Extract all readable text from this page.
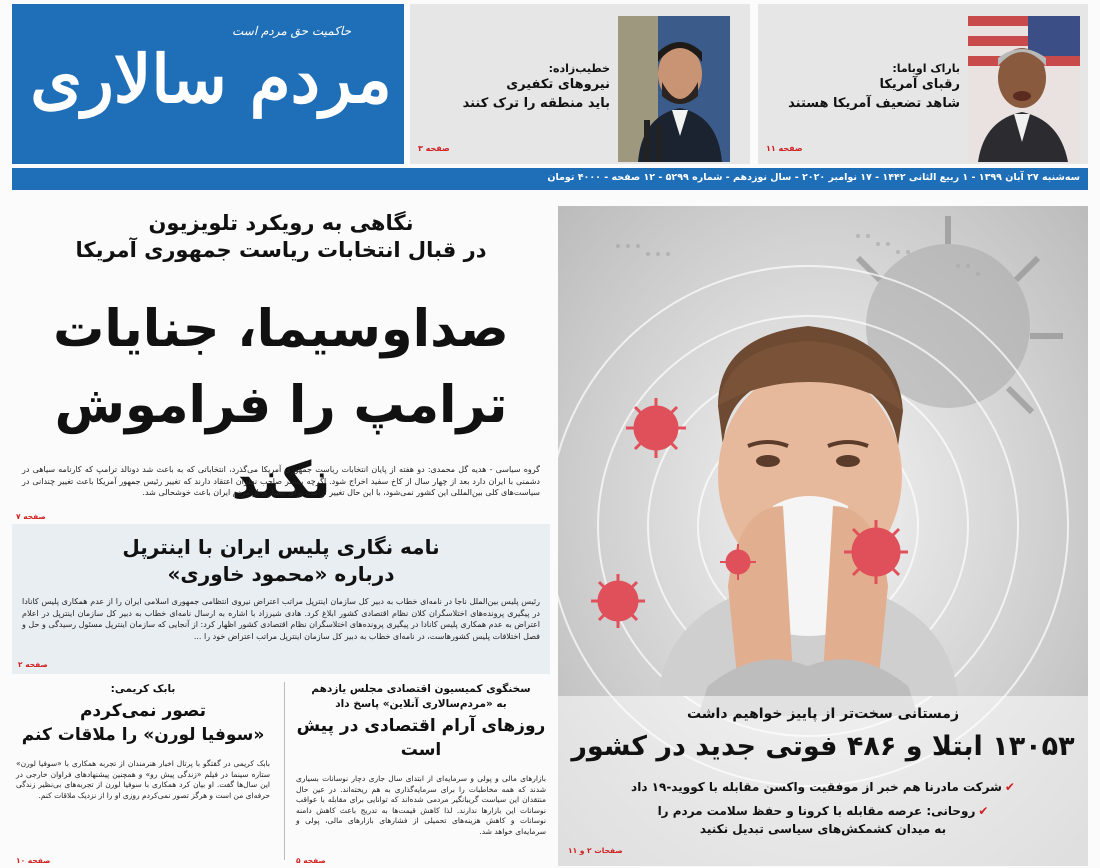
حاکمیت حق مردم است
مردم سالاری	خطیب‌زاده:
نیروهای تکفیری
باید منطقه را ترک کنند
صفحه ۳
باراک اوباما:
رقبای آمریکا
شاهد تضعیف آمریکا هستند
صفحه ۱۱
سه‌شنبه ۲۷ آبان ۱۳۹۹ - ۱ ربیع الثانی ۱۴۴۲ - ۱۷ نوامبر ۲۰۲۰ - سال نوزدهم - شماره ۵۲۹۹ - ۱۲ صفحه - ۴۰۰۰ تومان
نگاهی به رویکرد تلویزیون
در قبال انتخابات ریاست جمهوری آمریکا
صداوسیما، جنایات
ترامپ را فراموش نکند
گروه سیاسی - هدیه گل محمدی: دو هفته از پایان انتخابات ریاست جمهوری آمریکا می‌گذرد، انتخاباتی که به باعث شد دونالد ترامپ که کارنامه سیاهی در دشمنی با ایران دارد بعد از چهار سال از کاخ سفید اخراج شود. اگرچه بیشتر صاحب نظران اعتقاد دارند که تغییر رئیس جمهور آمریکا باعث تغییر چندانی در سیاست‌های کلی بین‌المللی این کشور نمی‌شود، با این حال تغییر ترامپ برای بسیاری از مردم ایران باعث خوشحالی شد.
صفحه ۷
نامه نگاری پلیس ایران با اینترپل
درباره «محمود خاوری»
رئیس پلیس بین‌الملل ناجا در نامه‌ای خطاب به دبیر کل سازمان اینترپل مراتب اعتراض نیروی انتظامی جمهوری اسلامی ایران را از عدم همکاری پلیس کانادا در پیگیری پرونده‌های اختلاسگران کلان نظام اقتصادی کشور ابلاغ کرد. هادی شیرزاد با اشاره به ارسال نامه‌ای خطاب به دبیر کل سازمان اینترپل در اعلام اعتراض به عدم همکاری پلیس کانادا در پیگیری پرونده‌های اختلاسگران نظام اقتصادی کشور اظهار کرد: از آنجایی که سازمان اینترپل مسئول رسیدگی و حل و فصل اختلافات پلیس کشورهاست، در نامه‌ای خطاب به دبیر کل سازمان اینترپل مراتب اعتراض خود را ...
صفحه ۲
بابک کریمی:
تصور نمی‌کردم
«سوفیا لورن» را ملاقات کنم
بابک کریمی در گفتگو با پرتال اخبار هنرمندان از تجربه همکاری با «سوفیا لورن» ستاره سینما در فیلم «زندگی پیش رو» و همچنین پیشنهادهای فراوان خارجی در این سال‌ها گفت. او بیان کرد همکاری با سوفیا لورن از تجربه‌های بی‌نظیر زندگی حرفه‌ای من است و هرگز تصور نمی‌کردم روزی او را از نزدیک ملاقات کنم.
صفحه ۱۰
سخنگوی کمیسیون اقتصادی مجلس یازدهم
به «مردم‌سالاری آنلاین» پاسخ داد
روزهای آرام اقتصادی در پیش است
بازارهای مالی و پولی و سرمایه‌ای از ابتدای سال جاری دچار نوسانات بسیاری شدند که همه مخاطبات را برای سرمایه‌گذاری به هم ریخته‌اند. در عین حال منتقدان این سیاست گریبانگیر مردمی شده‌اند که توانایی برای مقابله با عواقب نوسانات این بازارها ندارند. لذا کاهش قیمت‌ها به تدریج باعث کاهش دامنه نوسانات و کاهش هزینه‌های تحمیلی از فشارهای بازارهای مالی، پولی و سرمایه‌ای خواهد شد.
صفحه ۵
زمستانی سخت‌تر از پاییز خواهیم داشت
۱۳۰۵۳ ابتلا و ۴۸۶ فوتی جدید در کشور
✔شرکت مادرنا هم خبر از موفقیت واکسن مقابله با کووید-۱۹ داد
✔روحانی: عرصه مقابله با کرونا و حفظ سلامت مردم را
به میدان کشمکش‌های سیاسی تبدیل نکنید
صفحات ۲ و ۱۱
